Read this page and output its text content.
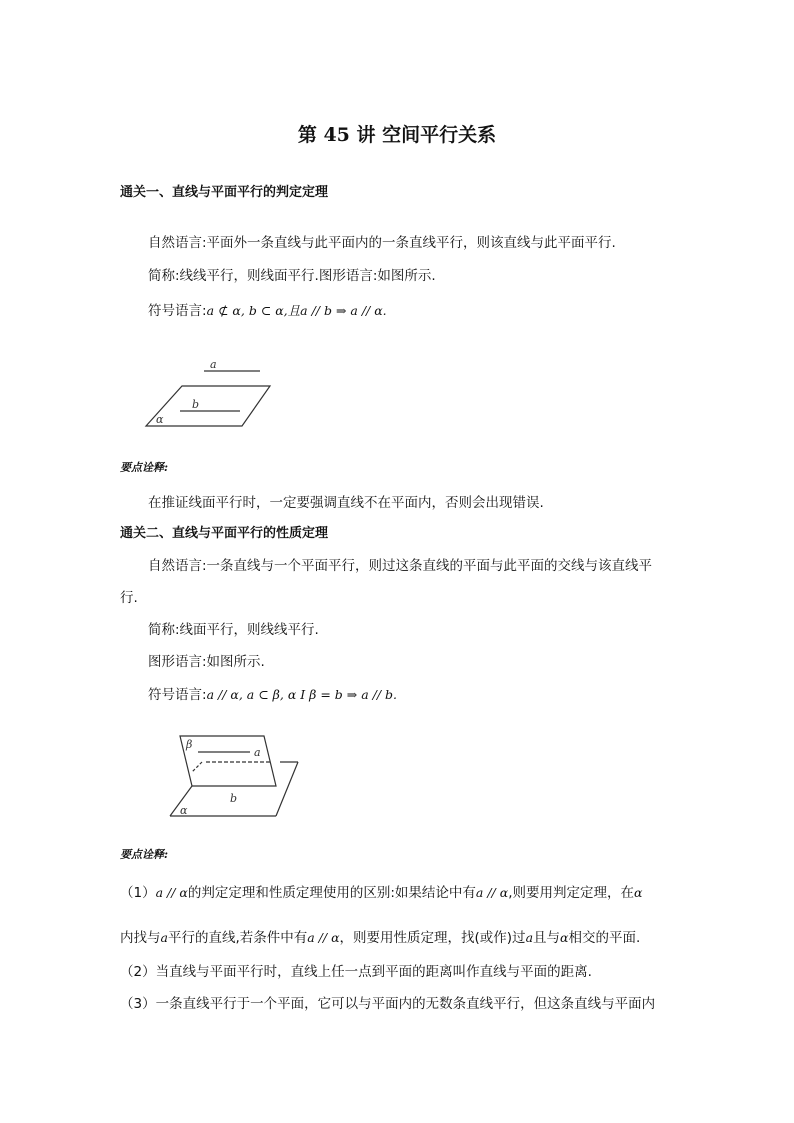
第 45 讲 空间平行关系
通关一、直线与平面平行的判定定理
自然语言:平面外一条直线与此平面内的一条直线平行，则该直线与此平面平行.
简称:线线平行，则线面平行.图形语言:如图所示.
符号语言:a ⊄ α, b ⊂ α,且a // b ⇒ a // α.
a
b
α
要点诠释:
在推证线面平行时，一定要强调直线不在平面内，否则会出现错误.
通关二、直线与平面平行的性质定理
自然语言:一条直线与一个平面平行，则过这条直线的平面与此平面的交线与该直线平
行.
简称:线面平行，则线线平行.
图形语言:如图所示.
符号语言:a // α, a ⊂ β, α I β = b ⇒ a // b.
β
a
b
α
要点诠释:
（1）a // α的判定定理和性质定理使用的区别:如果结论中有a // α,则要用判定定理，在α
内找与a平行的直线,若条件中有a // α，则要用性质定理，找(或作)过a且与α相交的平面.
（2）当直线与平面平行时，直线上任一点到平面的距离叫作直线与平面的距离.
（3）一条直线平行于一个平面，它可以与平面内的无数条直线平行，但这条直线与平面内
